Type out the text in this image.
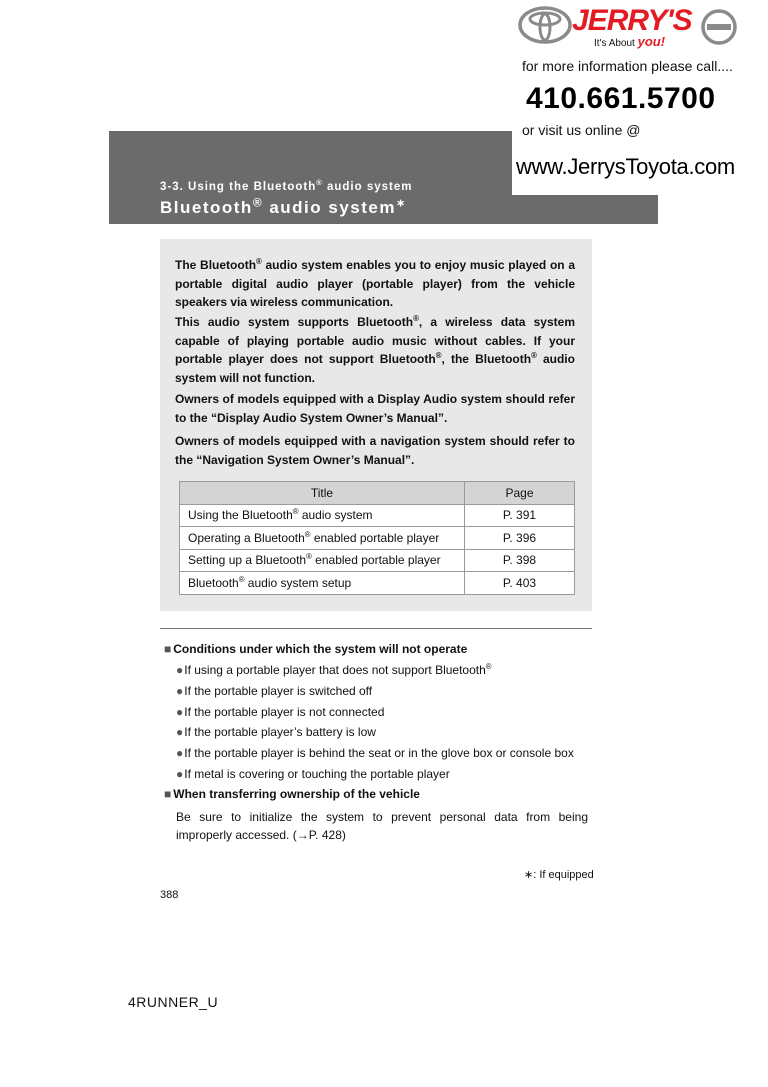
3-3. Using the Bluetooth® audio system
Bluetooth® audio system∗
JERRY'S
It's About you!
for more information please call....
410.661.5700
or visit us online @
www.JerrysToyota.com

The Bluetooth® audio system enables you to enjoy music played on a portable digital audio player (portable player) from the vehicle speakers via wireless communication.

This audio system supports Bluetooth®, a wireless data system capable of playing portable audio music without cables. If your portable player does not support Bluetooth®, the Bluetooth® audio system will not function.

Owners of models equipped with a Display Audio system should refer to the “Display Audio System Owner’s Manual”.

Owners of models equipped with a navigation system should refer to the “Navigation System Owner’s Manual”.

Title	Page
Using the Bluetooth® audio system	P. 391
Operating a Bluetooth® enabled portable player	P. 396
Setting up a Bluetooth® enabled portable player	P. 398
Bluetooth® audio system setup	P. 403
■ Conditions under which the system will not operate
●If using a portable player that does not support Bluetooth®
●If the portable player is switched off
●If the portable player is not connected
●If the portable player’s battery is low
●If the portable player is behind the seat or in the glove box or console box
●If metal is covering or touching the portable player
■ When transferring ownership of the vehicle

Be sure to initialize the system to prevent personal data from being improperly accessed. (→P. 428)

∗: If equipped
388
4RUNNER_U
